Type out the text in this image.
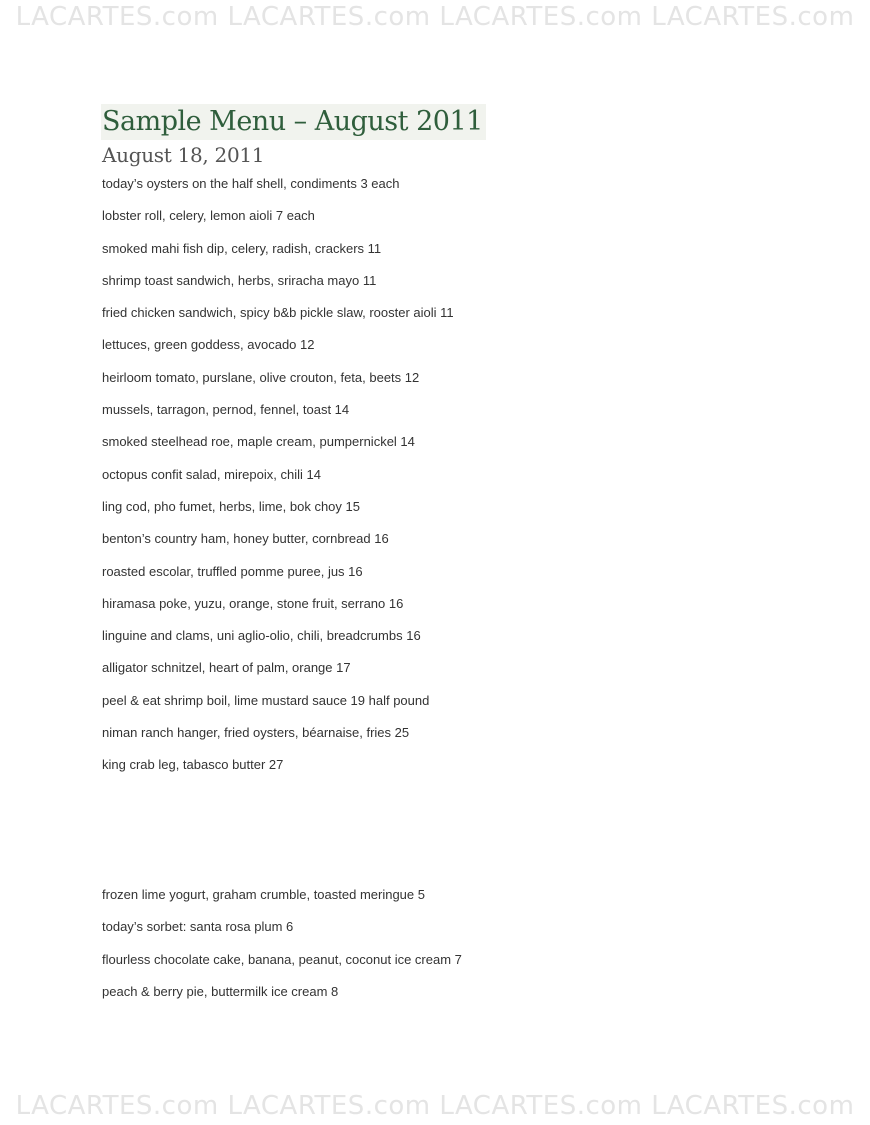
LACARTES.com LACARTES.com LACARTES.com LACARTES.com
Sample Menu – August 2011
August 18, 2011
today’s oysters on the half shell, condiments 3 each
lobster roll, celery, lemon aioli 7 each
smoked mahi fish dip, celery, radish, crackers 11
shrimp toast sandwich, herbs, sriracha mayo 11
fried chicken sandwich, spicy b&b pickle slaw, rooster aioli 11
lettuces, green goddess, avocado 12
heirloom tomato, purslane, olive crouton, feta, beets 12
mussels, tarragon, pernod, fennel, toast 14
smoked steelhead roe, maple cream, pumpernickel 14
octopus confit salad, mirepoix, chili 14
ling cod, pho fumet, herbs, lime, bok choy 15
benton’s country ham, honey butter, cornbread 16
roasted escolar, truffled pomme puree, jus 16
hiramasa poke, yuzu, orange, stone fruit, serrano 16
linguine and clams, uni aglio-olio, chili, breadcrumbs 16
alligator schnitzel, heart of palm, orange 17
peel & eat shrimp boil, lime mustard sauce 19 half pound
niman ranch hanger, fried oysters, béarnaise, fries 25
king crab leg, tabasco butter 27
frozen lime yogurt, graham crumble, toasted meringue 5
today’s sorbet: santa rosa plum 6
flourless chocolate cake, banana, peanut, coconut ice cream 7
peach & berry pie, buttermilk ice cream 8
LACARTES.com LACARTES.com LACARTES.com LACARTES.com
